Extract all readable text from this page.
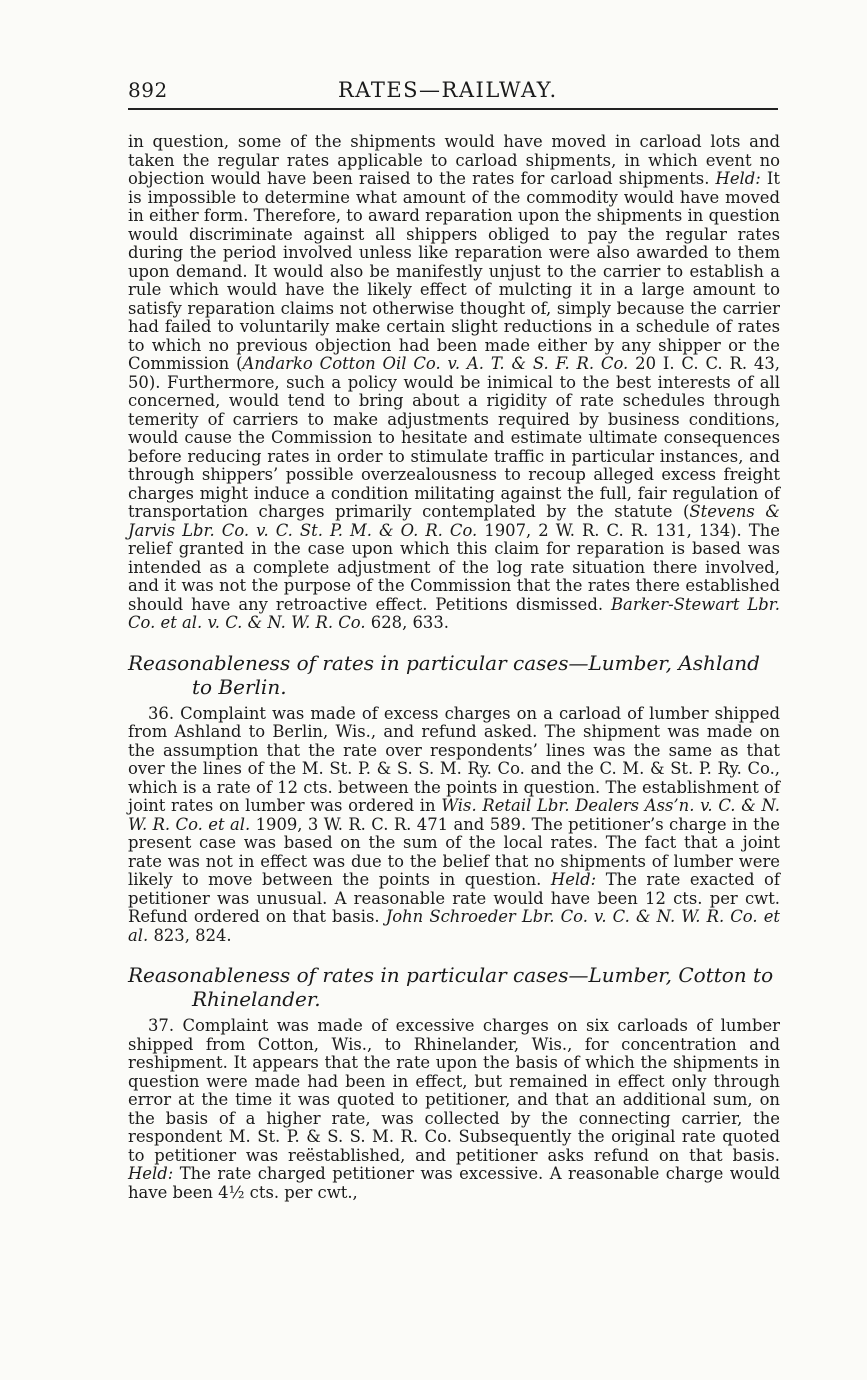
892	RATES—RAILWAY.

in question, some of the shipments would have moved in carload lots and taken the regular rates applicable to carload shipments, in which event no objection would have been raised to the rates for carload shipments. Held: It is impossible to determine what amount of the commodity would have moved in either form. Therefore, to award reparation upon the shipments in question would discriminate against all shippers obliged to pay the regular rates during the period involved unless like reparation were also awarded to them upon demand. It would also be manifestly unjust to the carrier to establish a rule which would have the likely effect of mulcting it in a large amount to satisfy reparation claims not otherwise thought of, simply because the carrier had failed to voluntarily make certain slight reductions in a schedule of rates to which no previous objection had been made either by any shipper or the Commission (Andarko Cotton Oil Co. v. A. T. & S. F. R. Co. 20 I. C. C. R. 43, 50). Furthermore, such a policy would be inimical to the best interests of all concerned, would tend to bring about a rigidity of rate schedules through temerity of carriers to make adjustments required by business conditions, would cause the Commission to hesitate and estimate ultimate consequences before reducing rates in order to stimulate traffic in particular instances, and through shippers’ possible overzealousness to recoup alleged excess freight charges might induce a condition militating against the full, fair regulation of transportation charges primarily contemplated by the statute (Stevens & Jarvis Lbr. Co. v. C. St. P. M. & O. R. Co. 1907, 2 W. R. C. R. 131, 134). The relief granted in the case upon which this claim for reparation is based was intended as a complete adjustment of the log rate situation there involved, and it was not the purpose of the Commission that the rates there established should have any retroactive effect. Petitions dismissed. Barker-Stewart Lbr. Co. et al. v. C. & N. W. R. Co. 628, 633.

Reasonableness of rates in particular cases—Lumber, Ashland to Berlin.

36. Complaint was made of excess charges on a carload of lumber shipped from Ashland to Berlin, Wis., and refund asked. The shipment was made on the assumption that the rate over respondents’ lines was the same as that over the lines of the M. St. P. & S. S. M. Ry. Co. and the C. M. & St. P. Ry. Co., which is a rate of 12 cts. between the points in question. The establishment of joint rates on lumber was ordered in Wis. Retail Lbr. Dealers Ass’n. v. C. & N. W. R. Co. et al. 1909, 3 W. R. C. R. 471 and 589. The petitioner’s charge in the present case was based on the sum of the local rates. The fact that a joint rate was not in effect was due to the belief that no shipments of lumber were likely to move between the points in question. Held: The rate exacted of petitioner was unusual. A reasonable rate would have been 12 cts. per cwt. Refund ordered on that basis. John Schroeder Lbr. Co. v. C. & N. W. R. Co. et al. 823, 824.

Reasonableness of rates in particular cases—Lumber, Cotton to Rhinelander.

37. Complaint was made of excessive charges on six carloads of lumber shipped from Cotton, Wis., to Rhinelander, Wis., for concentration and reshipment. It appears that the rate upon the basis of which the shipments in question were made had been in effect, but remained in effect only through error at the time it was quoted to petitioner, and that an additional sum, on the basis of a higher rate, was collected by the connecting carrier, the respondent M. St. P. & S. S. M. R. Co. Subsequently the original rate quoted to petitioner was reëstablished, and petitioner asks refund on that basis. Held: The rate charged petitioner was excessive. A reasonable charge would have been 4½ cts. per cwt.,
